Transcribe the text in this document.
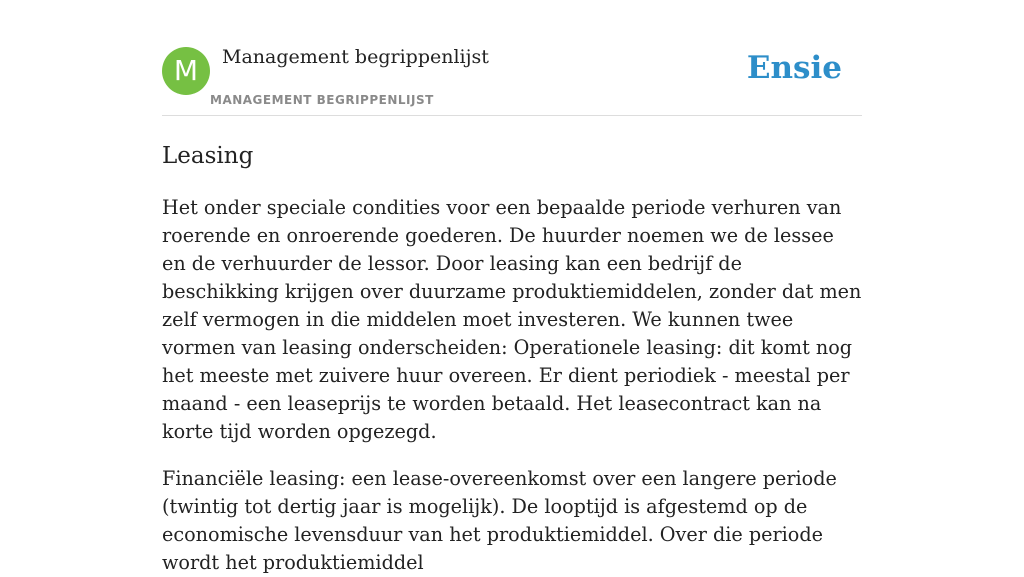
M	Management begrippenlijst
MANAGEMENT BEGRIPPENLIJST
Ensie
Leasing

Het onder speciale condities voor een bepaalde periode verhuren van roerende en onroerende goederen. De huurder noemen we de lessee en de verhuurder de lessor. Door leasing kan een bedrijf de beschikking krijgen over duurzame produktiemiddelen, zonder dat men zelf vermogen in die middelen moet investeren. We kunnen twee vormen van leasing onderscheiden: Operationele leasing: dit komt nog het meeste met zuivere huur overeen. Er dient periodiek - meestal per maand - een leaseprijs te worden betaald. Het leasecontract kan na korte tijd worden opgezegd.

Financiële leasing: een lease-overeenkomst over een langere periode (twintig tot dertig jaar is mogelijk). De looptijd is afgestemd op de economische levensduur van het produktiemiddel. Over die periode wordt het produktiemiddel
